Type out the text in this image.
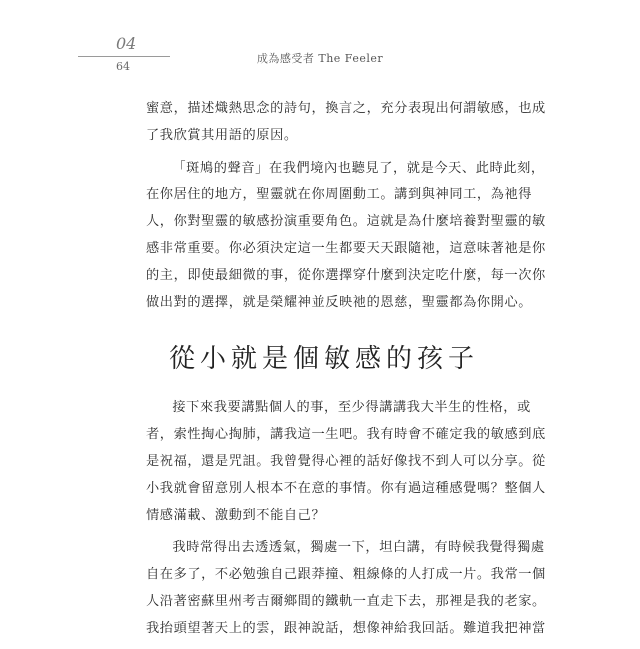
04
64
成為感受者 The Feeler
蜜意，描述熾熱思念的詩句，換言之，充分表現出何謂敏感，也成
了我欣賞其用語的原因。
「斑鳩的聲音」在我們境內也聽見了，就是今天、此時此刻，
在你居住的地方，聖靈就在你周圍動工。講到與神同工，為祂得
人，你對聖靈的敏感扮演重要角色。這就是為什麼培養對聖靈的敏
感非常重要。你必須決定這一生都要天天跟隨祂，這意味著祂是你
的主，即使最細微的事，從你選擇穿什麼到決定吃什麼，每一次你
做出對的選擇，就是榮耀神並反映祂的恩慈，聖靈都為你開心。
從小就是個敏感的孩子
接下來我要講點個人的事，至少得講講我大半生的性格，或
者，索性掏心掏肺，講我這一生吧。我有時會不確定我的敏感到底
是祝福，還是咒詛。我曾覺得心裡的話好像找不到人可以分享。從
小我就會留意別人根本不在意的事情。你有過這種感覺嗎？整個人
情感滿載、激動到不能自己？
我時常得出去透透氣，獨處一下，坦白講，有時候我覺得獨處
自在多了，不必勉強自己跟莽撞、粗線條的人打成一片。我常一個
人沿著密蘇里州考吉爾鄉間的鐵軌一直走下去，那裡是我的老家。
我抬頭望著天上的雲，跟神說話，想像神給我回話。難道我把神當
